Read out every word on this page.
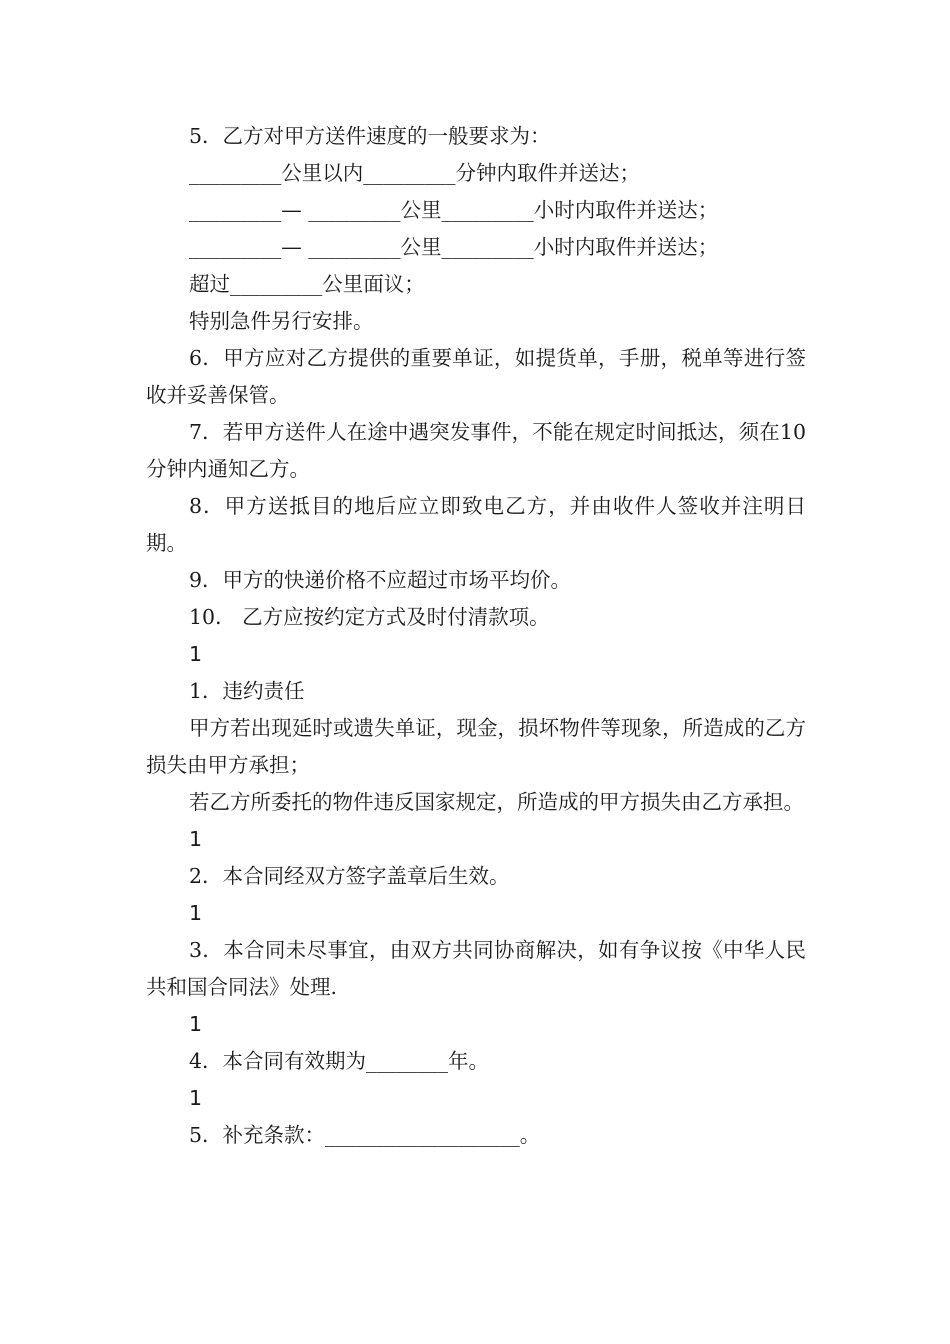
5．乙方对甲方送件速度的一般要求为：

_________公里以内_________分钟内取件并送达；

_________— _________公里_________小时内取件并送达；

_________— _________公里_________小时内取件并送达；

超过_________公里面议；

特别急件另行安排。

6．甲方应对乙方提供的重要单证，如提货单，手册，税单等进行签收并妥善保管。

7．若甲方送件人在途中遇突发事件，不能在规定时间抵达，须在10分钟内通知乙方。

8．甲方送抵目的地后应立即致电乙方，并由收件人签收并注明日期。

9．甲方的快递价格不应超过市场平均价。

10． 乙方应按约定方式及时付清款项。

1

1．违约责任

甲方若出现延时或遗失单证，现金，损坏物件等现象，所造成的乙方损失由甲方承担；

若乙方所委托的物件违反国家规定，所造成的甲方损失由乙方承担。

1

2．本合同经双方签字盖章后生效。

1

3．本合同未尽事宜，由双方共同协商解决，如有争议按《中华人民共和国合同法》处理.

1

4．本合同有效期为________年。

1

5．补充条款：___________________。
